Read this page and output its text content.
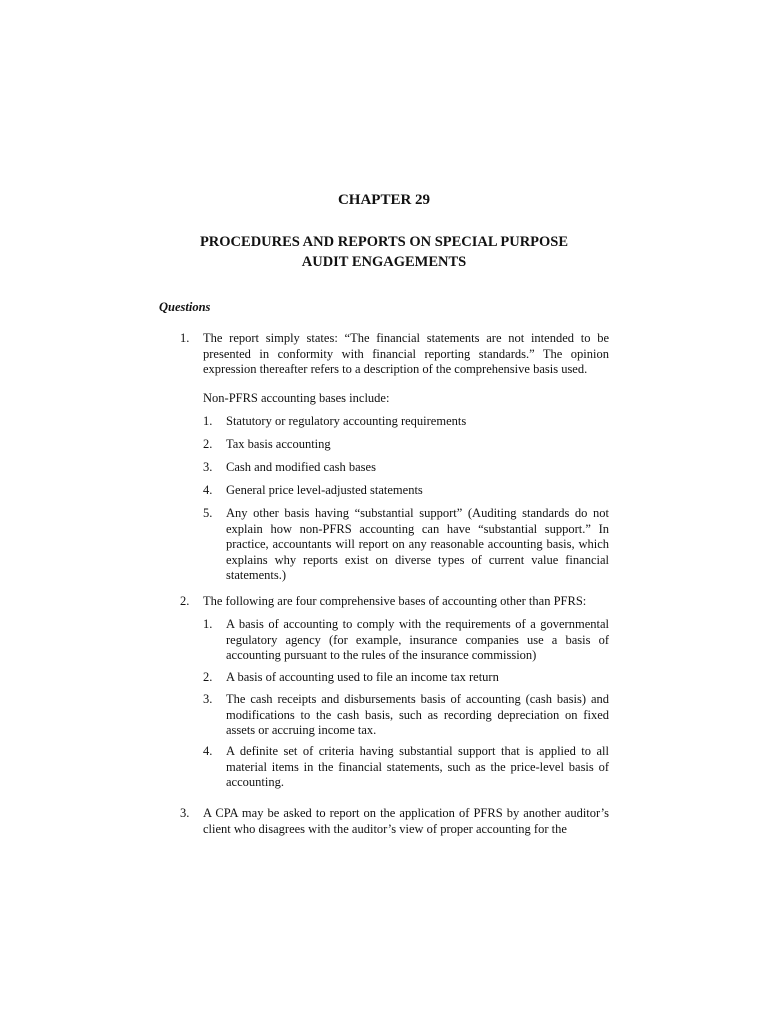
CHAPTER 29
PROCEDURES AND REPORTS ON SPECIAL PURPOSE
AUDIT ENGAGEMENTS
Questions
1. The report simply states: “The financial statements are not intended to be presented in conformity with financial reporting standards.” The opinion expression thereafter refers to a description of the comprehensive basis used.
Non-PFRS accounting bases include:
1. Statutory or regulatory accounting requirements
2. Tax basis accounting
3. Cash and modified cash bases
4. General price level-adjusted statements
5. Any other basis having “substantial support” (Auditing standards do not explain how non-PFRS accounting can have “substantial support.” In practice, accountants will report on any reasonable accounting basis, which explains why reports exist on diverse types of current value financial statements.)
2. The following are four comprehensive bases of accounting other than PFRS:
1. A basis of accounting to comply with the requirements of a governmental regulatory agency (for example, insurance companies use a basis of accounting pursuant to the rules of the insurance commission)
2. A basis of accounting used to file an income tax return
3. The cash receipts and disbursements basis of accounting (cash basis) and modifications to the cash basis, such as recording depreciation on fixed assets or accruing income tax.
4. A definite set of criteria having substantial support that is applied to all material items in the financial statements, such as the price-level basis of accounting.
3. A CPA may be asked to report on the application of PFRS by another auditor’s client who disagrees with the auditor’s view of proper accounting for the
